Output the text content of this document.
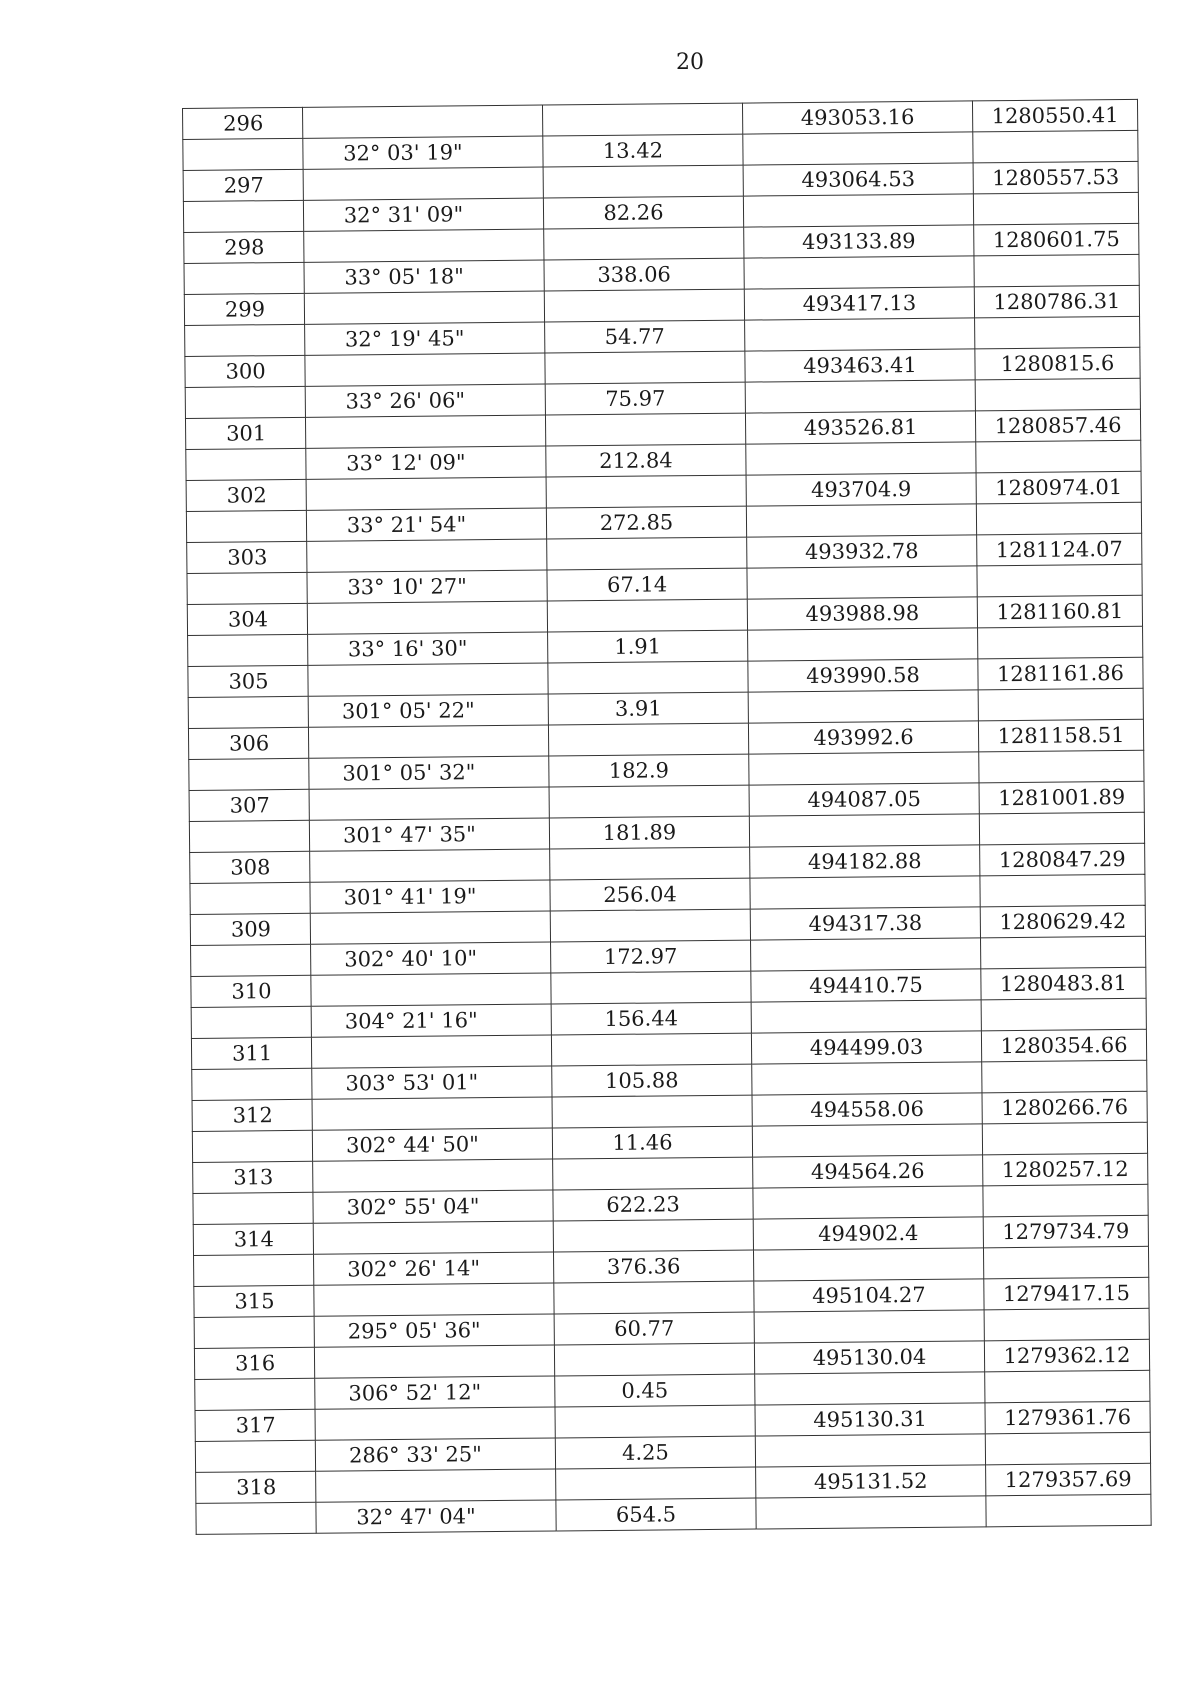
20
296			493053.16	1280550.41
	32° 03' 19"	13.42		
297			493064.53	1280557.53
	32° 31' 09"	82.26		
298			493133.89	1280601.75
	33° 05' 18"	338.06		
299			493417.13	1280786.31
	32° 19' 45"	54.77		
300			493463.41	1280815.6
	33° 26' 06"	75.97		
301			493526.81	1280857.46
	33° 12' 09"	212.84		
302			493704.9	1280974.01
	33° 21' 54"	272.85		
303			493932.78	1281124.07
	33° 10' 27"	67.14		
304			493988.98	1281160.81
	33° 16' 30"	1.91		
305			493990.58	1281161.86
	301° 05' 22"	3.91		
306			493992.6	1281158.51
	301° 05' 32"	182.9		
307			494087.05	1281001.89
	301° 47' 35"	181.89		
308			494182.88	1280847.29
	301° 41' 19"	256.04		
309			494317.38	1280629.42
	302° 40' 10"	172.97		
310			494410.75	1280483.81
	304° 21' 16"	156.44		
311			494499.03	1280354.66
	303° 53' 01"	105.88		
312			494558.06	1280266.76
	302° 44' 50"	11.46		
313			494564.26	1280257.12
	302° 55' 04"	622.23		
314			494902.4	1279734.79
	302° 26' 14"	376.36		
315			495104.27	1279417.15
	295° 05' 36"	60.77		
316			495130.04	1279362.12
	306° 52' 12"	0.45		
317			495130.31	1279361.76
	286° 33' 25"	4.25		
318			495131.52	1279357.69
	32° 47' 04"	654.5		
